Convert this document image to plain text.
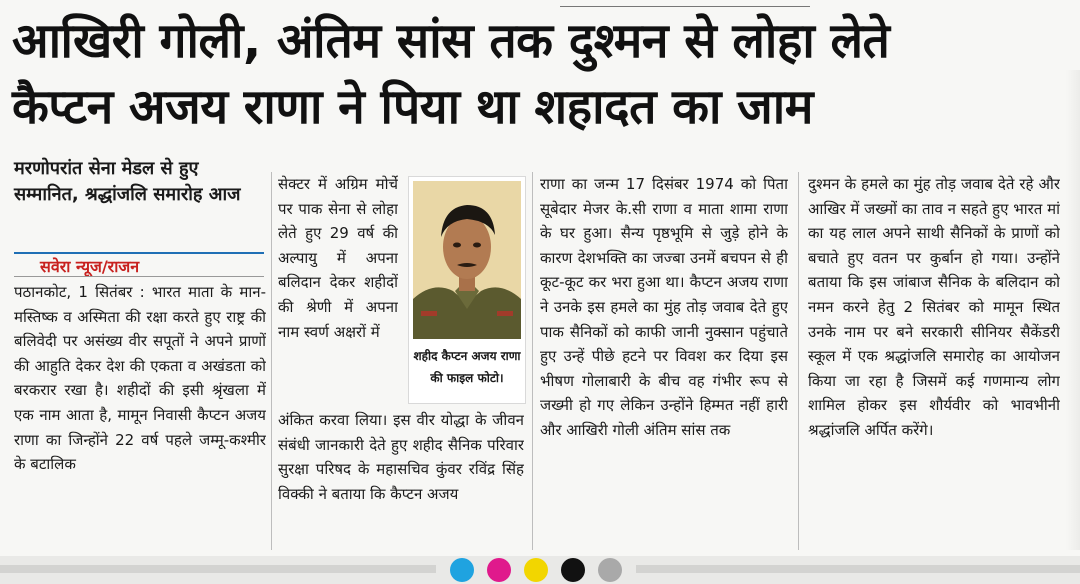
आखिरी गोली, अंतिम सांस तक दुश्मन से लोहा लेते
कैप्टन अजय राणा ने पिया था शहादत का जाम
मरणोपरांत सेना मेडल से हुए सम्मानित, श्रद्धांजलि समारोह आज
सवेरा न्यूज/राजन
पठानकोट, 1 सितंबर : भारत माता के मान-मस्तिष्क व अस्मिता की रक्षा करते हुए राष्ट्र की बलिवेदी पर असंख्य वीर सपूतों ने अपने प्राणों की आहुति देकर देश की एकता व अखंडता को बरकरार रखा है। शहीदों की इसी श्रृंखला में एक नाम आता है, मामून निवासी कैप्टन अजय राणा का जिन्होंने 22 वर्ष पहले जम्मू-कश्मीर के बटालिक
सेक्टर में अग्रिम मोर्चे पर पाक सेना से लोहा लेते हुए 29 वर्ष की अल्पायु में अपना बलिदान देकर शहीदों की श्रेणी में अपना नाम स्वर्ण अक्षरों में
अंकित करवा लिया। इस वीर योद्धा के जीवन संबंधी जानकारी देते हुए शहीद सैनिक परिवार सुरक्षा परिषद के महासचिव कुंवर रविंद्र सिंह विक्की ने बताया कि कैप्टन अजय
राणा का जन्म 17 दिसंबर 1974 को पिता सूबेदार मेजर के.सी राणा व माता शामा राणा के घर हुआ। सैन्य पृष्ठभूमि से जुड़े होने के कारण देशभक्ति का जज्बा उनमें बचपन से ही कूट-कूट कर भरा हुआ था। कैप्टन अजय राणा ने उनके इस हमले का मुंह तोड़ जवाब देते हुए पाक सैनिकों को काफी जानी नुक्सान पहुंचाते हुए उन्हें पीछे हटने पर विवश कर दिया इस भीषण गोलाबारी के बीच वह गंभीर रूप से जख्मी हो गए लेकिन उन्होंने हिम्मत नहीं हारी और आखिरी गोली अंतिम सांस तक
दुश्मन के हमले का मुंह तोड़ जवाब देते रहे और आखिर में जख्मों का ताव न सहते हुए भारत मां का यह लाल अपने साथी सैनिकों के प्राणों को बचाते हुए वतन पर कुर्बान हो गया। उन्होंने बताया कि इस जांबाज सैनिक के बलिदान को नमन करने हेतु 2 सितंबर को मामून स्थित उनके नाम पर बने सरकारी सीनियर सैकेंडरी स्कूल में एक श्रद्धांजलि समारोह का आयोजन किया जा रहा है जिसमें कई गणमान्य लोग शामिल होकर इस शौर्यवीर को भावभीनी श्रद्धांजलि अर्पित करेंगे।
शहीद कैप्टन अजय राणा की फाइल फोटो।
